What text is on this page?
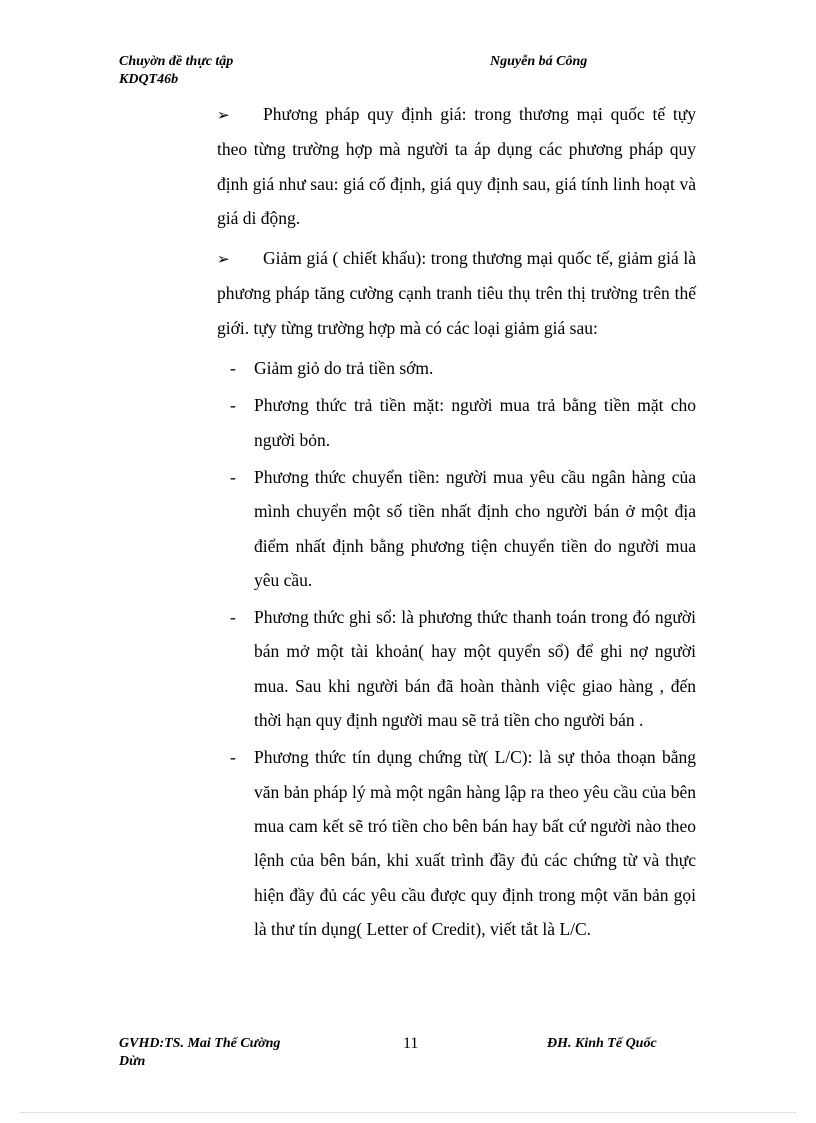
Chuyờn đề thực tập
KDQT46b
Nguyễn bá Công

➢ Phương pháp quy định giá: trong thương mại quốc tế tựy theo từng trường hợp mà người ta áp dụng các phương pháp quy định giá như sau: giá cố định, giá quy định sau, giá tính linh hoạt và giá di động.

➢ Giảm giá ( chiết khấu): trong thương mại quốc tế, giảm giá là phương pháp tăng cường cạnh tranh tiêu thụ trên thị trường trên thế giới. tựy từng trường hợp mà có các loại giảm giá sau:

- Giảm giỏ do trả tiền sớm.
- Phương thức trả tiền mặt: người mua trả bằng tiền mặt cho người bỏn.
- Phương thức chuyển tiền: người mua yêu cầu ngân hàng của mình chuyển một số tiền nhất định cho người bán ở một địa điểm nhất định bằng phương tiện chuyển tiền do người mua yêu cầu.
- Phương thức ghi sổ: là phương thức thanh toán trong đó người bán mở một tài khoản( hay một quyển sổ) để ghi nợ người mua. Sau khi người bán đã hoàn thành việc giao hàng , đến thời hạn quy định người mau sẽ trả tiền cho người bán .
- Phương thức tín dụng chứng từ( L/C): là sự thỏa thoạn bằng văn bản pháp lý mà một ngân hàng lập ra theo yêu cầu của bên mua cam kết sẽ tró tiền cho bên bán hay bất cứ người nào theo lệnh của bên bán, khi xuất trình đầy đủ các chứng từ và thực hiện đầy đủ các yêu cầu được quy định trong một văn bản gọi là thư tín dụng( Letter of Credit), viết tắt là L/C.
GVHD:TS. Mai Thế Cường
Dừn
11	ĐH. Kinh Tế Quốc
